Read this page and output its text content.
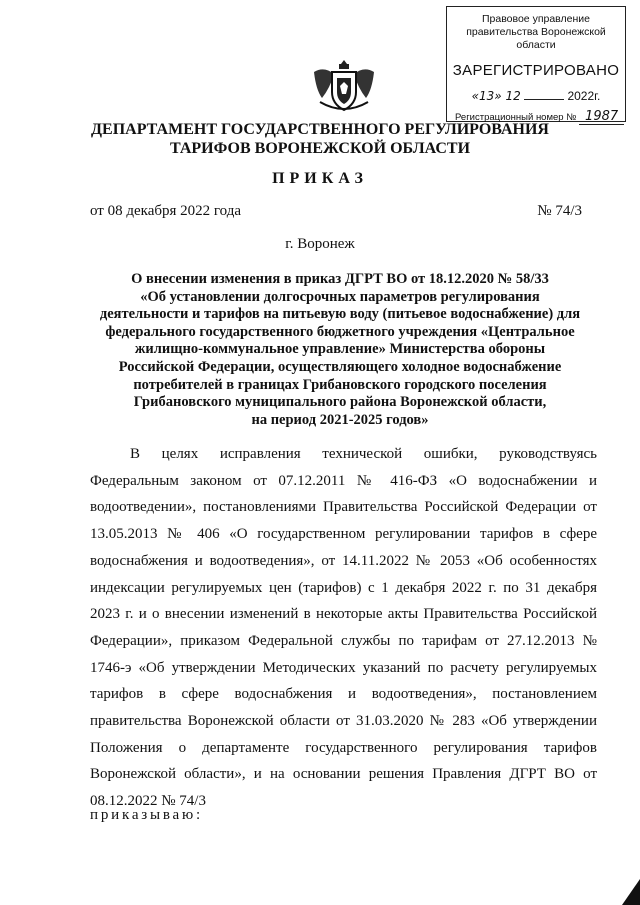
Правовое управление правительства Воронежской области
ЗАРЕГИСТРИРОВАНО
«13» 12	2022г.
Регистрационный номер № 1987
ДЕПАРТАМЕНТ ГОСУДАРСТВЕННОГО РЕГУЛИРОВАНИЯ
ТАРИФОВ ВОРОНЕЖСКОЙ ОБЛАСТИ
ПРИКАЗ
от 08 декабря 2022 года	№ 74/3
г. Воронеж
О внесении изменения в приказ ДГРТ ВО от 18.12.2020 № 58/33
«Об установлении долгосрочных параметров регулирования
деятельности и тарифов на питьевую воду (питьевое водоснабжение) для
федерального государственного бюджетного учреждения «Центральное
жилищно-коммунальное управление» Министерства обороны
Российской Федерации, осуществляющего холодное водоснабжение
потребителей в границах Грибановского городского поселения
Грибановского муниципального района Воронежской области,
на период 2021-2025 годов»
В целях исправления технической ошибки, руководствуясь Федеральным законом от 07.12.2011 № 416-ФЗ «О водоснабжении и водоотведении», постановлениями Правительства Российской Федерации от 13.05.2013 № 406 «О государственном регулировании тарифов в сфере водоснабжения и водоотведения», от 14.11.2022 № 2053 «Об особенностях индексации регулируемых цен (тарифов) с 1 декабря 2022 г. по 31 декабря 2023 г. и о внесении изменений в некоторые акты Правительства Российской Федерации», приказом Федеральной службы по тарифам от 27.12.2013 № 1746-э «Об утверждении Методических указаний по расчету регулируемых тарифов в сфере водоснабжения и водоотведения», постановлением правительства Воронежской области от 31.03.2020 № 283 «Об утверждении Положения о департаменте государственного регулирования тарифов Воронежской области», и на основании решения Правления ДГРТ ВО от 08.12.2022 № 74/3
приказываю:
